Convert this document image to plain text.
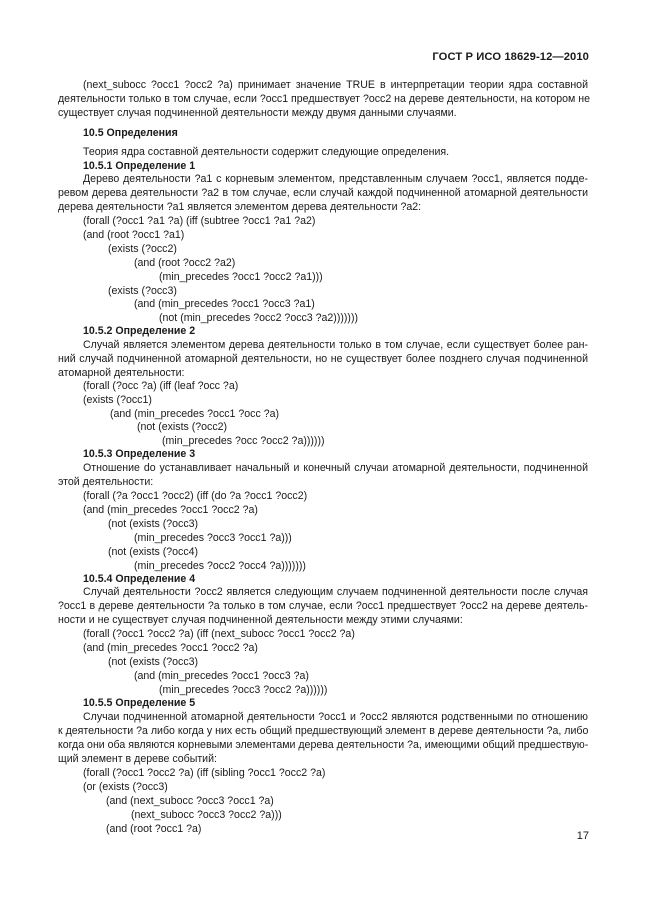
ГОСТ Р ИСО 18629-12—2010
(next_subocc ?occ1 ?occ2 ?a) принимает значение TRUE в интерпретации теории ядра составной
деятельности только в том случае, если ?occ1 предшествует ?occ2 на дереве деятельности, на котором не
существует случая подчиненной деятельности между двумя данными случаями.
10.5 Определения
Теория ядра составной деятельности содержит следующие определения.
10.5.1 Определение 1
Дерево деятельности ?a1 с корневым элементом, представленным случаем ?occ1, является подде-
ревом дерева деятельности ?a2 в том случае, если случай каждой подчиненной атомарной деятельности
дерева деятельности ?a1 является элементом дерева деятельности ?a2:
(forall (?occ1 ?a1 ?a) (iff (subtree ?occ1 ?a1 ?a2)
(and (root ?occ1 ?a1)
(exists (?occ2)
(and (root ?occ2 ?a2)
(min_precedes ?occ1 ?occ2 ?a1)))
(exists (?occ3)
(and (min_precedes ?occ1 ?occ3 ?a1)
(not (min_precedes ?occ2 ?occ3 ?a2)))))))
10.5.2 Определение 2
Случай является элементом дерева деятельности только в том случае, если существует более ран-
ний случай подчиненной атомарной деятельности, но не существует более позднего случая подчиненной
атомарной деятельности:
(forall (?occ ?a) (iff (leaf ?occ ?a)
(exists (?occ1)
(and (min_precedes ?occ1 ?occ ?a)
(not (exists (?occ2)
(min_precedes ?occ ?occ2 ?a))))))
10.5.3 Определение 3
Отношение do устанавливает начальный и конечный случаи атомарной деятельности, подчиненной
этой деятельности:
(forall (?a ?occ1 ?occ2) (iff (do ?a ?occ1 ?occ2)
(and (min_precedes ?occ1 ?occ2 ?a)
(not (exists (?occ3)
(min_precedes ?occ3 ?occ1 ?a)))
(not (exists (?occ4)
(min_precedes ?occ2 ?occ4 ?a)))))))
10.5.4 Определение 4
Случай деятельности ?occ2 является следующим случаем подчиненной деятельности после случая
?occ1 в дереве деятельности ?a только в том случае, если ?occ1 предшествует ?occ2 на дереве деятель-
ности и не существует случая подчиненной деятельности между этими случаями:
(forall (?occ1 ?occ2 ?a) (iff (next_subocc ?occ1 ?occ2 ?a)
(and (min_precedes ?occ1 ?occ2 ?a)
(not (exists (?occ3)
(and (min_precedes ?occ1 ?occ3 ?a)
(min_precedes ?occ3 ?occ2 ?a))))))
10.5.5 Определение 5
Случаи подчиненной атомарной деятельности ?occ1 и ?occ2 являются родственными по отношению
к деятельности ?a либо когда у них есть общий предшествующий элемент в дереве деятельности ?a, либо
когда они оба являются корневыми элементами дерева деятельности ?a, имеющими общий предшествую-
щий элемент в дереве событий:
(forall (?occ1 ?occ2 ?a) (iff (sibling ?occ1 ?occ2 ?a)
(or (exists (?occ3)
(and (next_subocc ?occ3 ?occ1 ?a)
(next_subocc ?occ3 ?occ2 ?a)))
(and (root ?occ1 ?a)
17
